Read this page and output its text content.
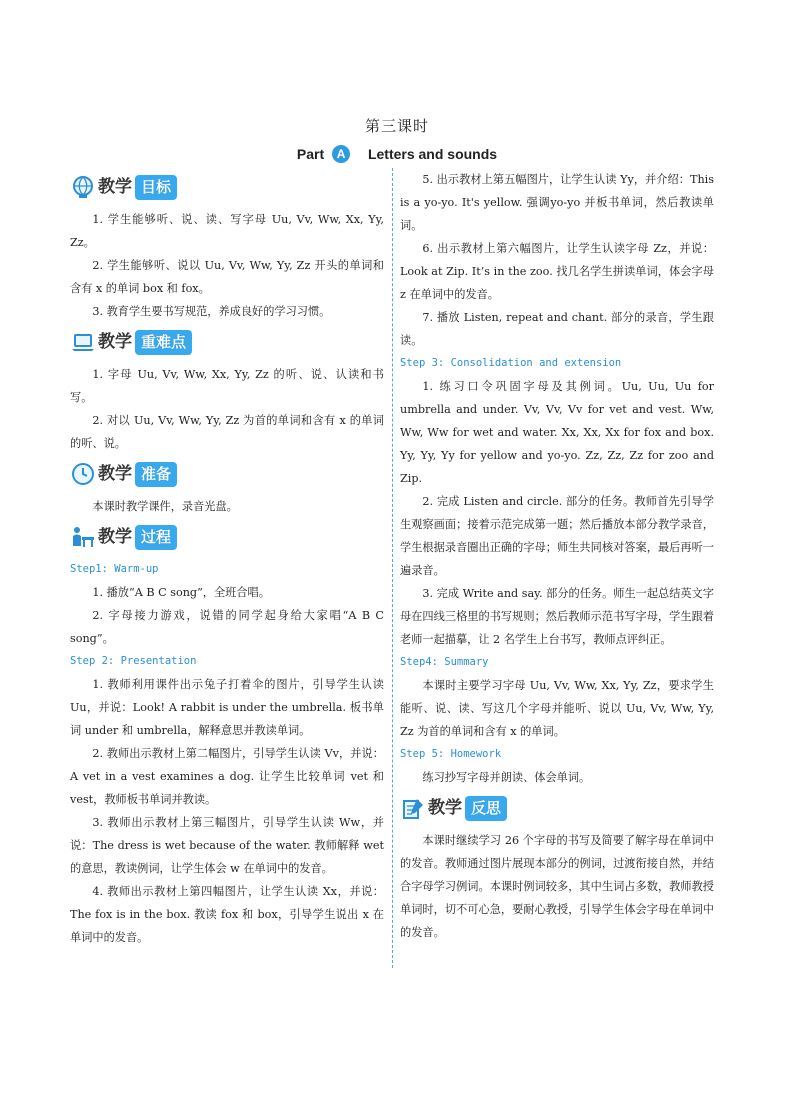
第三课时
Part A Letters and sounds
教学 目标

1. 学生能够听、说、读、写字母 Uu, Vv, Ww, Xx, Yy, Zz。

2. 学生能够听、说以 Uu, Vv, Ww, Yy, Zz 开头的单词和含有 x 的单词 box 和 fox。

3. 教育学生要书写规范，养成良好的学习习惯。

教学 重难点

1. 字母 Uu, Vv, Ww, Xx, Yy, Zz 的听、说、认读和书写。

2. 对以 Uu, Vv, Ww, Yy, Zz 为首的单词和含有 x 的单词的听、说。

教学 准备

本课时教学课件，录音光盘。

教学 过程

Step1: Warm-up

1. 播放“A B C song”，全班合唱。

2. 字母接力游戏，说错的同学起身给大家唱“A B C song”。

Step 2: Presentation

1. 教师利用课件出示兔子打着伞的图片，引导学生认读 Uu，并说：Look! A rabbit is under the umbrella. 板书单词 under 和 umbrella，解释意思并教读单词。

2. 教师出示教材上第二幅图片，引导学生认读 Vv，并说：A vet in a vest examines a dog. 让学生比较单词 vet 和 vest，教师板书单词并教读。

3. 教师出示教材上第三幅图片，引导学生认读 Ww，并说：The dress is wet because of the water. 教师解释 wet 的意思，教读例词，让学生体会 w 在单词中的发音。

4. 教师出示教材上第四幅图片，让学生认读 Xx，并说：The fox is in the box. 教读 fox 和 box，引导学生说出 x 在单词中的发音。

5. 出示教材上第五幅图片，让学生认读 Yy，并介绍：This is a yo-yo. It's yellow. 强调yo-yo 并板书单词，然后教读单词。

6. 出示教材上第六幅图片，让学生认读字母 Zz，并说：Look at Zip. It’s in the zoo. 找几名学生拼读单词，体会字母 z 在单词中的发音。

7. 播放 Listen, repeat and chant. 部分的录音，学生跟读。

Step 3: Consolidation and extension

1. 练习口令巩固字母及其例词。Uu, Uu, Uu for umbrella and under. Vv, Vv, Vv for vet and vest. Ww, Ww, Ww for wet and water. Xx, Xx, Xx for fox and box. Yy, Yy, Yy for yellow and yo-yo. Zz, Zz, Zz for zoo and Zip.

2. 完成 Listen and circle. 部分的任务。教师首先引导学生观察画面；接着示范完成第一题；然后播放本部分教学录音，学生根据录音圈出正确的字母；师生共同核对答案，最后再听一遍录音。

3. 完成 Write and say. 部分的任务。师生一起总结英文字母在四线三格里的书写规则；然后教师示范书写字母，学生跟着老师一起描摹，让 2 名学生上台书写，教师点评纠正。

Step4: Summary

本课时主要学习字母 Uu, Vv, Ww, Xx, Yy, Zz，要求学生能听、说、读、写这几个字母并能听、说以 Uu, Vv, Ww, Yy, Zz 为首的单词和含有 x 的单词。

Step 5: Homework

练习抄写字母并朗读、体会单词。

教学 反思

本课时继续学习 26 个字母的书写及简要了解字母在单词中的发音。教师通过图片展现本部分的例词，过渡衔接自然，并结合字母学习例词。本课时例词较多，其中生词占多数，教师教授单词时，切不可心急，要耐心教授，引导学生体会字母在单词中的发音。
